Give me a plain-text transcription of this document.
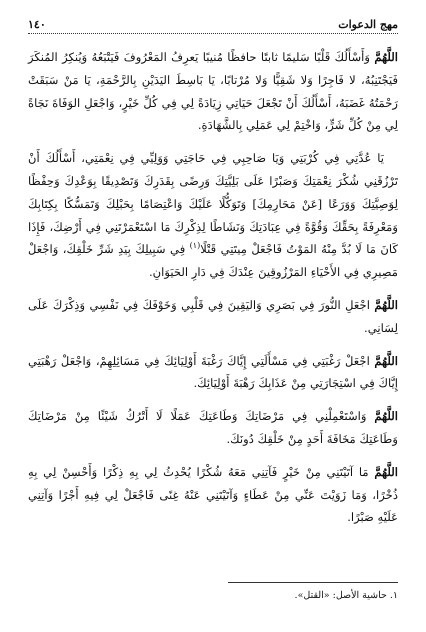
مهج الدعوات
١٤٠

اللَّهُمَّ وَأَسْأَلُكَ قَلْبًا سَليمًا ثابتًا حافظًا مُنيبًا يَعرِفُ المَعْرُوفَ فَيَتْبَعُهُ وَيُنكِرُ المُنكَرَ فَيَجْتَنِبُهُ، لا فَاجِرًا وَلا شَقِيًّا وَلا مُرْتابًا، يَا بَاسِطَ اليَدَيْنِ بِالرَّحْمَةِ، يَا مَنْ سَبَقَتْ رَحْمَتُهُ غَضَبَهُ، أَسْأَلُكَ أَنْ تَجْعَلَ حَيَاتِي زِيَادَةً لِي فِي كُلِّ خَيْرٍ، وَاجْعَلِ الوَفَاةَ نَجَاةً لِي مِنْ كُلِّ شَرٍّ، وَاخْتِمْ لِي عَمَلِي بِالشَّهَادَةِ.

يَا عُدَّتِي فِي كُرْبَتِي وَيَا صَاحِبِي فِي حَاجَتِي وَوَلِيِّي فِي نِعْمَتِي، أَسْأَلُكَ أَنْ تَرْزُقَنِي شُكْرَ نِعْمَتِكَ وَصَبْرًا عَلَى بَلِيَّتِكَ وَرِضًى بِقَدَرِكَ وَتَصْدِيقًا بِوَعْدِكَ وَحِفْظًا لِوَصِيَّتِكَ وَوَرَعًا [عَنْ مَحَارِمِكَ] وَتَوَكُّلًا عَلَيْكَ وَاعْتِصَامًا بِحَبْلِكَ وَتَمَسُّكًا بِكِتَابِكَ وَمَعْرِفَةً بِحَقِّكَ وَقُوَّةً فِي عِبَادَتِكَ وَنَشَاطًا لِذِكْرِكَ مَا اسْتَعْمَرْتَنِي فِي أَرْضِكَ، فَإِذَا كَانَ مَا لَا بُدَّ مِنْهُ المَوْتُ فَاجْعَلْ مِيتَتِي قَتْلًا$^{(١)}$ فِي سَبِيلِكَ بِيَدِ شَرِّ خَلْقِكَ، وَاجْعَلْ مَصِيرِي فِي الأَحْيَاءِ المَرْزُوقِينَ عِنْدَكَ فِي دَارِ الحَيَوَانِ.

اللَّهُمَّ اجْعَلِ النُّورَ فِي بَصَرِي وَاليَقِينَ فِي قَلْبِي وَخَوْفَكَ فِي نَفْسِي وَذِكْرَكَ عَلَى لِسَانِي.

اللَّهُمَّ اجْعَلْ رَغْبَتِي فِي مَسْأَلَتِي إِيَّاكَ رَغْبَةَ أَوْلِيَائِكَ فِي مَسَائِلِهِمْ، وَاجْعَلْ رَهْبَتِي إِيَّاكَ فِي اسْتِجَارَتِي مِنْ عَذَابِكَ رَهْبَةَ أَوْلِيَائِكَ.

اللَّهُمَّ وَاسْتَعْمِلْنِي فِي مَرْضَاتِكَ وَطَاعَتِكَ عَمَلًا لَا أَتْرُكُ شَيْئًا مِنْ مَرْضَاتِكَ وَطَاعَتِكَ مَخَافَةَ أَحَدٍ مِنْ خَلْقِكَ دُونَكَ.

اللَّهُمَّ مَا آتَيْتَنِي مِنْ خَيْرٍ فَآتِنِي مَعَهُ شُكْرًا يُحْدِثُ لِي بِهِ ذِكْرًا وَأَحْسِنْ لِي بِهِ ذُخْرًا، وَمَا زَوَيْتَ عَنِّي مِنْ عَطَاءٍ وَآتَيْتَنِي عَنْهُ غِنًى فَاجْعَلْ لِي فِيهِ أَجْرًا وَآتِنِي عَلَيْهِ صَبْرًا.

١. حاشية الأصل: «القتل».
